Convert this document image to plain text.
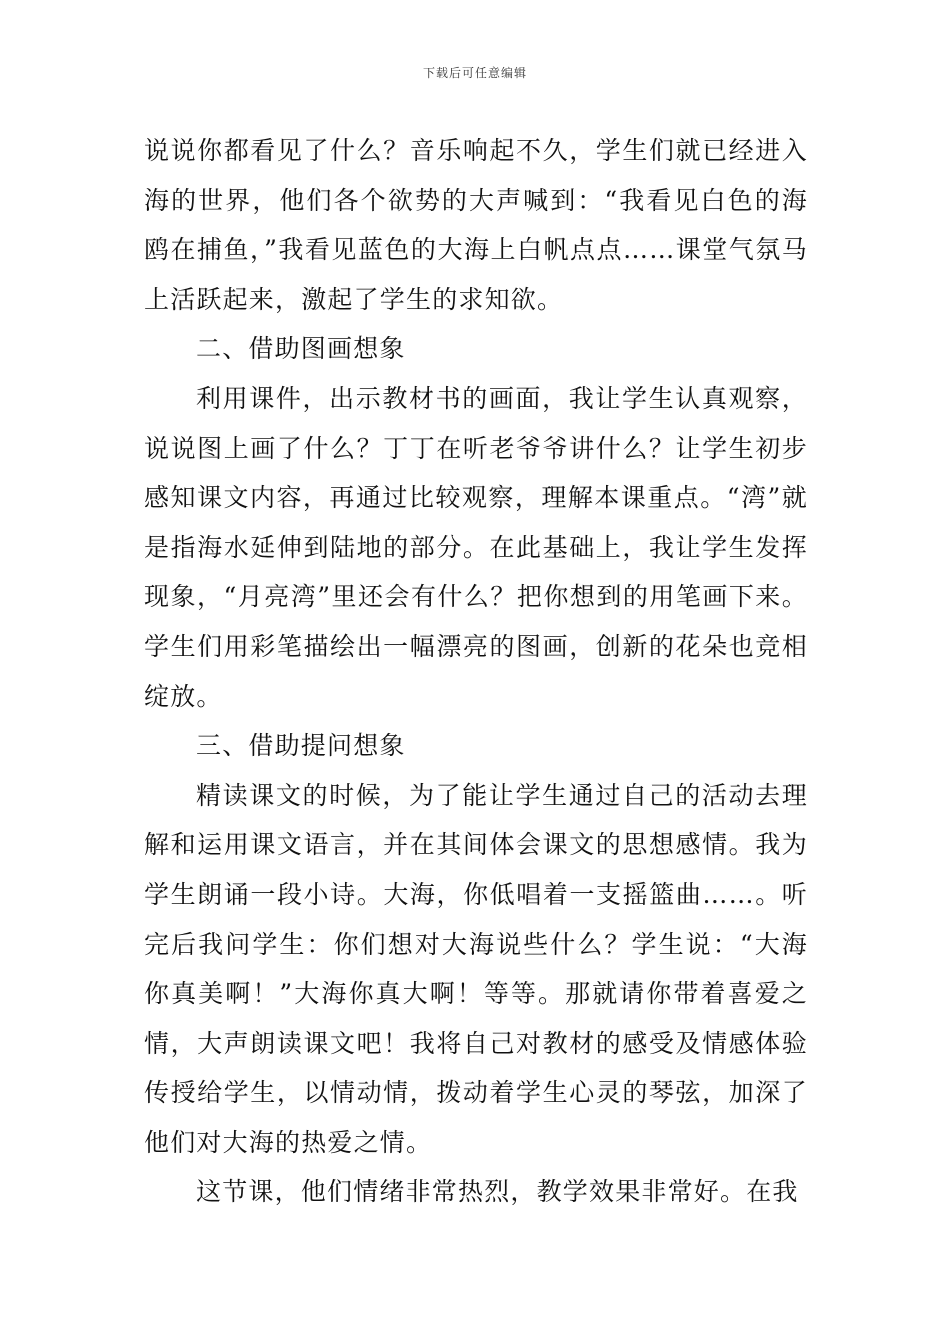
下载后可任意编辑

说说你都看见了什么？音乐响起不久，学生们就已经进入海的世界，他们各个欲势的大声喊到：“我看见白色的海鸥在捕鱼，”我看见蓝色的大海上白帆点点……课堂气氛马上活跃起来，激起了学生的求知欲。

二、借助图画想象

利用课件，出示教材书的画面，我让学生认真观察，说说图上画了什么？丁丁在听老爷爷讲什么？让学生初步感知课文内容，再通过比较观察，理解本课重点。“湾”就是指海水延伸到陆地的部分。在此基础上，我让学生发挥现象，“月亮湾”里还会有什么？把你想到的用笔画下来。学生们用彩笔描绘出一幅漂亮的图画，创新的花朵也竞相绽放。

三、借助提问想象

精读课文的时候，为了能让学生通过自己的活动去理解和运用课文语言，并在其间体会课文的思想感情。我为学生朗诵一段小诗。大海，你低唱着一支摇篮曲……。听完后我问学生：你们想对大海说些什么？学生说：“大海你真美啊！”大海你真大啊！等等。那就请你带着喜爱之情，大声朗读课文吧！我将自己对教材的感受及情感体验传授给学生，以情动情，拨动着学生心灵的琴弦，加深了他们对大海的热爱之情。

这节课，他们情绪非常热烈，教学效果非常好。在我
